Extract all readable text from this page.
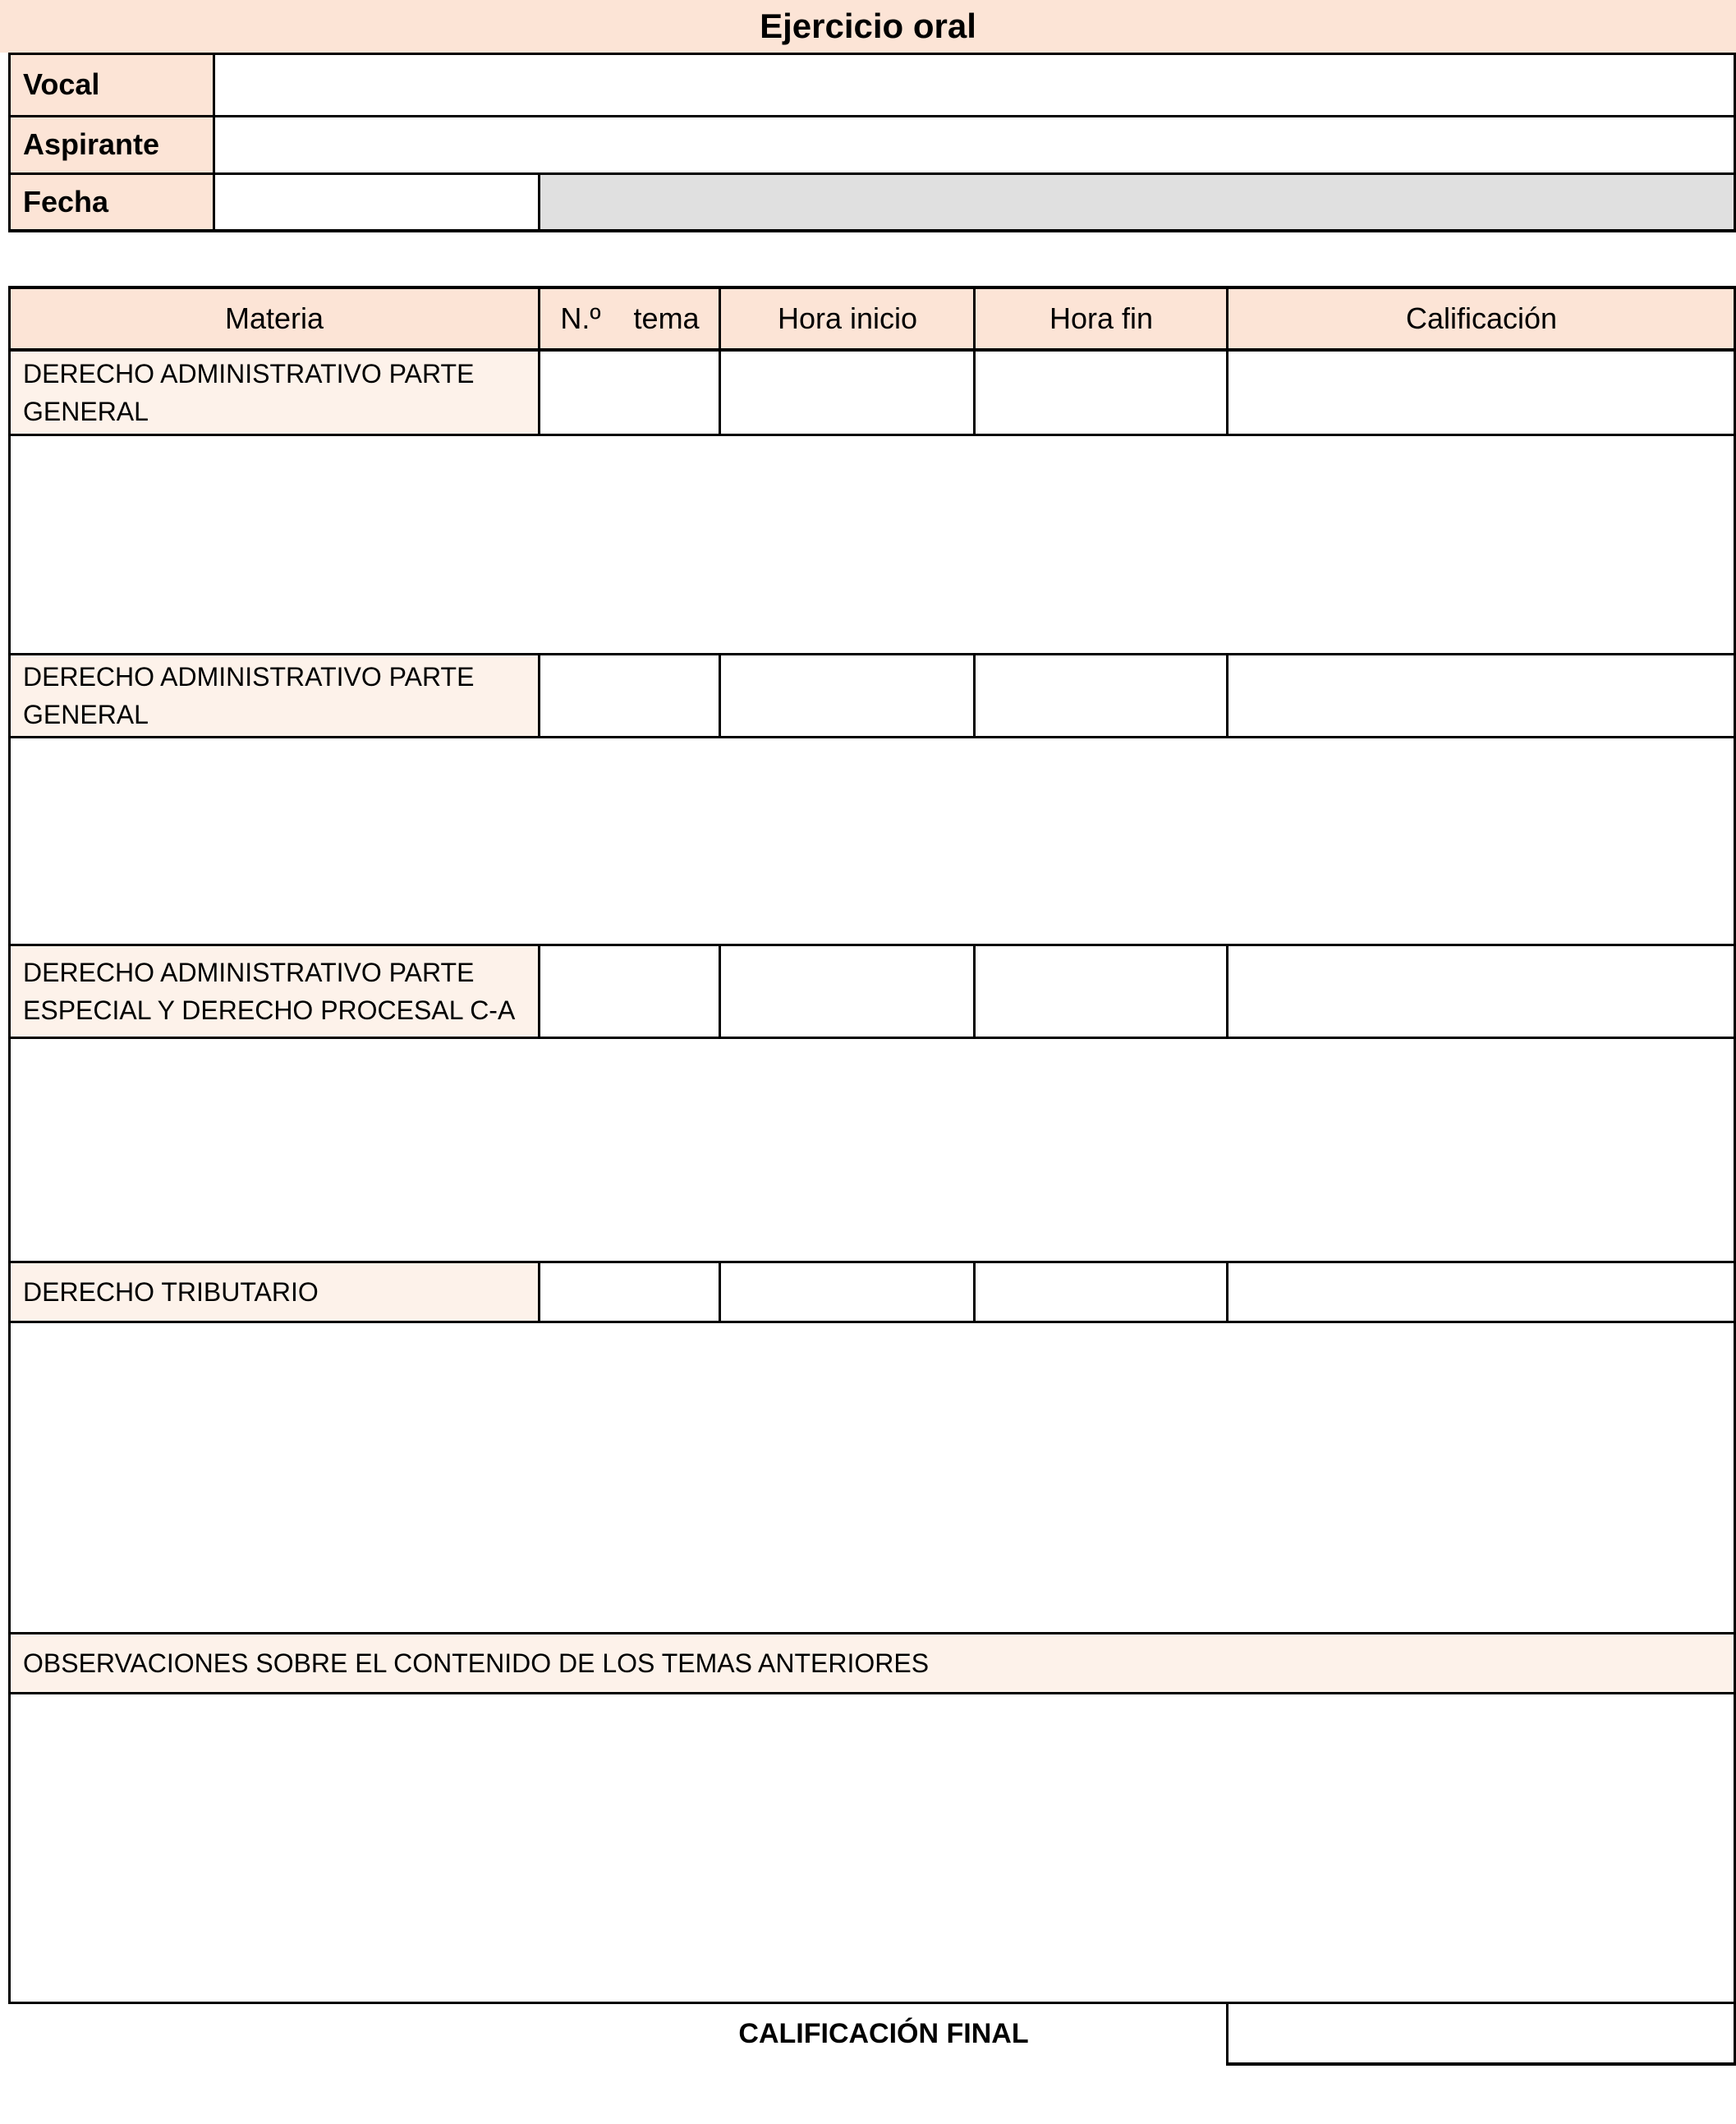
Ejercicio oral
Vocal
Aspirante
Fecha
Materia	N.º    tema	Hora inicio	Hora fin	Calificación
DERECHO ADMINISTRATIVO PARTE GENERAL
DERECHO ADMINISTRATIVO PARTE GENERAL
DERECHO ADMINISTRATIVO PARTE ESPECIAL Y DERECHO PROCESAL C-A
DERECHO TRIBUTARIO
OBSERVACIONES SOBRE EL CONTENIDO DE LOS TEMAS ANTERIORES
CALIFICACIÓN FINAL
